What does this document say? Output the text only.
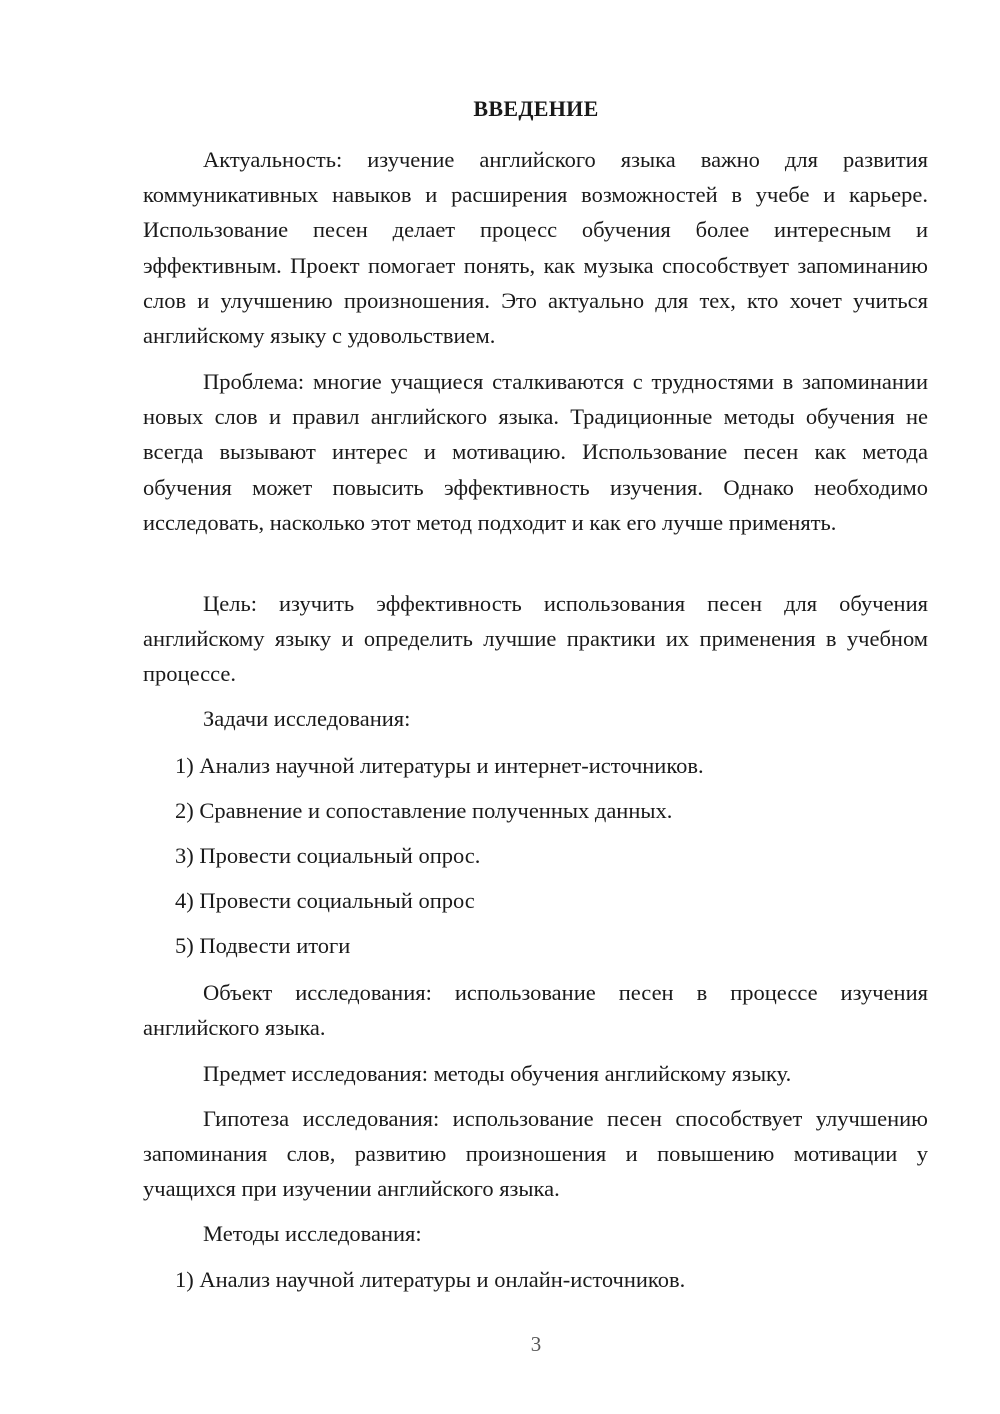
ВВЕДЕНИЕ

Актуальность: изучение английского языка важно для развития коммуникативных навыков и расширения возможностей в учебе и карьере. Использование песен делает процесс обучения более интересным и эффективным. Проект помогает понять, как музыка способствует запоминанию слов и улучшению произношения. Это актуально для тех, кто хочет учиться английскому языку с удовольствием.

Проблема: многие учащиеся сталкиваются с трудностями в запоминании новых слов и правил английского языка. Традиционные методы обучения не всегда вызывают интерес и мотивацию. Использование песен как метода обучения может повысить эффективность изучения. Однако необходимо исследовать, насколько этот метод подходит и как его лучше применять.

Цель: изучить эффективность использования песен для обучения английскому языку и определить лучшие практики их применения в учебном процессе.

Задачи исследования:

1) Анализ научной литературы и интернет-источников.

2) Сравнение и сопоставление полученных данных.

3) Провести социальный опрос.

4) Провести социальный опрос

5) Подвести итоги

Объект исследования: использование песен в процессе изучения английского языка.

Предмет исследования: методы обучения английскому языку.

Гипотеза исследования: использование песен способствует улучшению запоминания слов, развитию произношения и повышению мотивации у учащихся при изучении английского языка.

Методы исследования:

1) Анализ научной литературы и онлайн-источников.

3
